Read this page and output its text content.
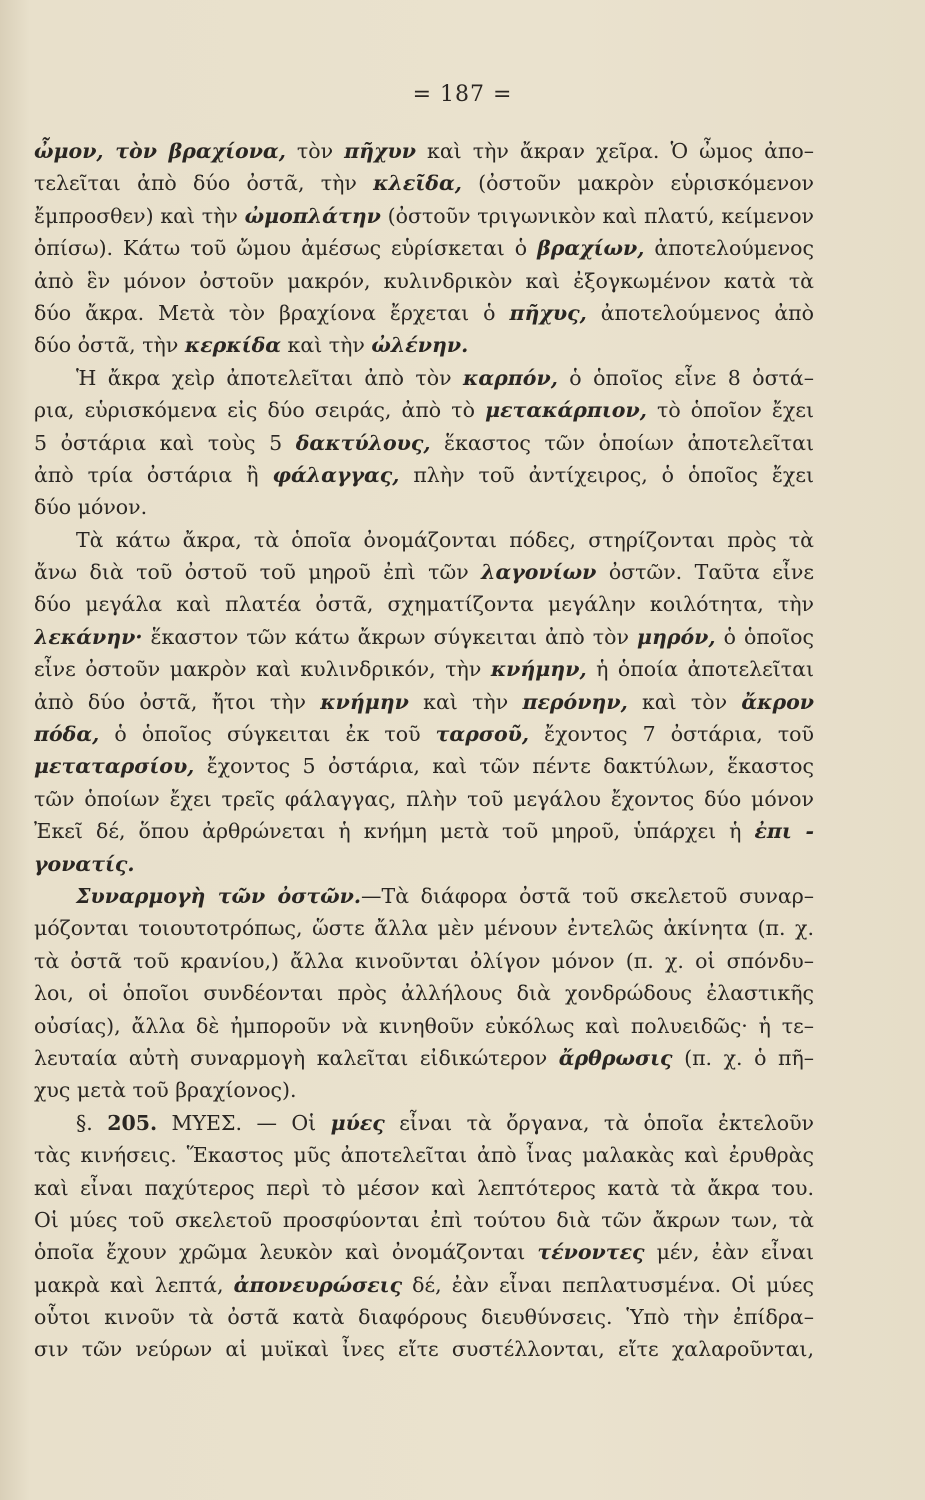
= 187 =
ὦμον, τὸν βραχίονα, τὸν πῆχυν καὶ τὴν ἄκραν χεῖρα. Ὁ ὦμος ἀπο–
τελεῖται ἀπὸ δύο ὀστᾶ, τὴν κλεῖδα, (ὀστοῦν μακρὸν εὑρισκόμενον
ἔμπροσθεν) καὶ τὴν ὠμοπλάτην (ὀστοῦν τριγωνικὸν καὶ πλατύ, κείμενον
ὀπίσω). Κάτω τοῦ ὤμου ἀμέσως εὑρίσκεται ὁ βραχίων, ἀποτελούμενος
ἀπὸ ἓν μόνον ὀστοῦν μακρόν, κυλινδρικὸν καὶ ἐξογκωμένον κατὰ τὰ
δύο ἄκρα. Μετὰ τὸν βραχίονα ἔρχεται ὁ πῆχυς, ἀποτελούμενος ἀπὸ
δύο ὀστᾶ, τὴν κερκίδα καὶ τὴν ὠλένην.
Ἡ ἄκρα χεὶρ ἀποτελεῖται ἀπὸ τὸν καρπόν, ὁ ὁποῖος εἶνε 8 ὀστά–
ρια, εὑρισκόμενα εἰς δύο σειράς, ἀπὸ τὸ μετακάρπιον, τὸ ὁποῖον ἔχει
5 ὀστάρια καὶ τοὺς 5 δακτύλους, ἕκαστος τῶν ὁποίων ἀποτελεῖται
ἀπὸ τρία ὀστάρια ἢ φάλαγγας, πλὴν τοῦ ἀντίχειρος, ὁ ὁποῖος ἔχει
δύο μόνον.
Τὰ κάτω ἄκρα, τὰ ὁποῖα ὀνομάζονται πόδες, στηρίζονται πρὸς τὰ
ἄνω διὰ τοῦ ὀστοῦ τοῦ μηροῦ ἐπὶ τῶν λαγονίων ὀστῶν. Ταῦτα εἶνε
δύο μεγάλα καὶ πλατέα ὀστᾶ, σχηματίζοντα μεγάλην κοιλότητα, τὴν
λεκάνην· ἕκαστον τῶν κάτω ἄκρων σύγκειται ἀπὸ τὸν μηρόν, ὁ ὁποῖος
εἶνε ὀστοῦν μακρὸν καὶ κυλινδρικόν, τὴν κνήμην, ἡ ὁποία ἀποτελεῖται
ἀπὸ δύο ὀστᾶ, ἤτοι τὴν κνήμην καὶ τὴν περόνην, καὶ τὸν ἄκρον
πόδα, ὁ ὁποῖος σύγκειται ἐκ τοῦ ταρσοῦ, ἔχοντος 7 ὀστάρια, τοῦ
μεταταρσίου, ἔχοντος 5 ὀστάρια, καὶ τῶν πέντε δακτύλων, ἕκαστος
τῶν ὁποίων ἔχει τρεῖς φάλαγγας, πλὴν τοῦ μεγάλου ἔχοντος δύο μόνον
Ἐκεῖ δέ, ὅπου ἀρθρώνεται ἡ κνήμη μετὰ τοῦ μηροῦ, ὑπάρχει ἡ ἐπι -
γονατίς.
Συναρμογὴ τῶν ὀστῶν.—Τὰ διάφορα ὀστᾶ τοῦ σκελετοῦ συναρ–
μόζονται τοιουτοτρόπως, ὥστε ἄλλα μὲν μένουν ἐντελῶς ἀκίνητα (π. χ.
τὰ ὀστᾶ τοῦ κρανίου,) ἄλλα κινοῦνται ὀλίγον μόνον (π. χ. οἱ σπόνδυ–
λοι, οἱ ὁποῖοι συνδέονται πρὸς ἀλλήλους διὰ χονδρώδους ἐλαστικῆς
οὐσίας), ἄλλα δὲ ἠμποροῦν νὰ κινηθοῦν εὐκόλως καὶ πολυειδῶς· ἡ τε–
λευταία αὐτὴ συναρμογὴ καλεῖται εἰδικώτερον ἄρθρωσις (π. χ. ὁ πῆ–
χυς μετὰ τοῦ βραχίονος).
§. 205. ΜΥΕΣ. — Οἱ μύες εἶναι τὰ ὄργανα, τὰ ὁποῖα ἐκτελοῦν
τὰς κινήσεις. Ἕκαστος μῦς ἀποτελεῖται ἀπὸ ἶνας μαλακὰς καὶ ἐρυθρὰς
καὶ εἶναι παχύτερος περὶ τὸ μέσον καὶ λεπτότερος κατὰ τὰ ἄκρα του.
Οἱ μύες τοῦ σκελετοῦ προσφύονται ἐπὶ τούτου διὰ τῶν ἄκρων των, τὰ
ὁποῖα ἔχουν χρῶμα λευκὸν καὶ ὀνομάζονται τένοντες μέν, ἐὰν εἶναι
μακρὰ καὶ λεπτά, ἀπονευρώσεις δέ, ἐὰν εἶναι πεπλατυσμένα. Οἱ μύες
οὗτοι κινοῦν τὰ ὀστᾶ κατὰ διαφόρους διευθύνσεις. Ὑπὸ τὴν ἐπίδρα–
σιν τῶν νεύρων αἱ μυϊκαὶ ἶνες εἴτε συστέλλονται, εἴτε χαλαροῦνται,
